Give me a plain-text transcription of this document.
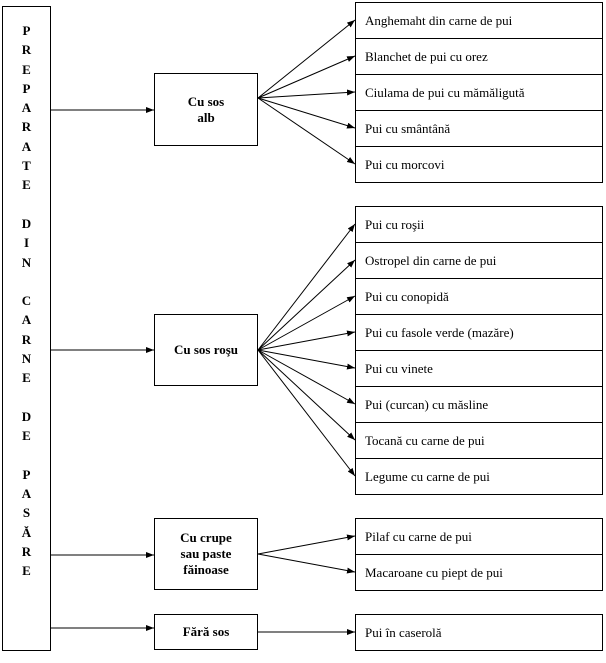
P
R
E
P
A
R
A
T
E

D
I
N

C
A
R
N
E

D
E

P
A
S
Ă
R
E
Cu sos
alb
Cu sos roşu
Cu crupe
sau paste
făinoase
Fără sos
Anghemaht din carne de pui
Blanchet de pui cu orez
Ciulama de pui cu mămăligută
Pui cu smântână
Pui cu morcovi
Pui cu roşii
Ostropel din carne de pui
Pui cu conopidă
Pui cu fasole verde (mazăre)
Pui cu vinete
Pui (curcan) cu măsline
Tocană cu carne de pui
Legume cu carne de pui
Pilaf cu carne de pui
Macaroane cu piept de pui
Pui în caserolă
